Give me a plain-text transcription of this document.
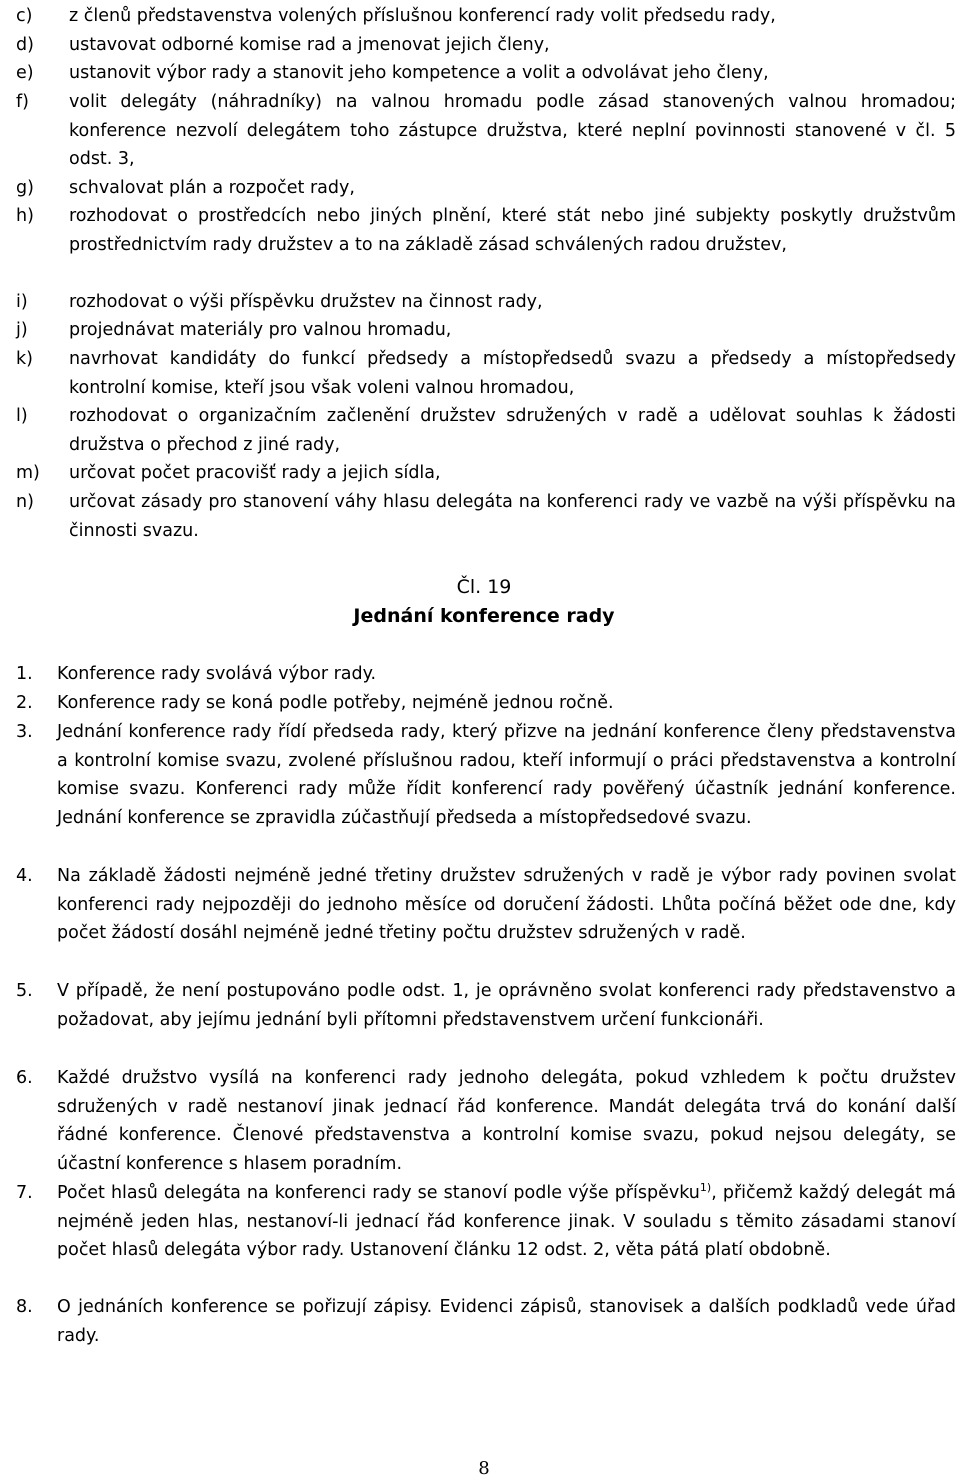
c) z členů představenstva volených příslušnou konferencí rady volit předsedu rady,
d) ustavovat odborné komise rad a jmenovat jejich členy,
e) ustanovit výbor rady a stanovit jeho kompetence a volit a odvolávat jeho členy,
f) volit delegáty (náhradníky) na valnou hromadu podle zásad stanovených valnou hromadou; konference nezvolí delegátem toho zástupce družstva, které neplní povinnosti stanovené v čl. 5 odst. 3,
g) schvalovat plán a rozpočet rady,
h) rozhodovat o prostředcích nebo jiných plnění, které stát nebo jiné subjekty poskytly družstvům prostřednictvím rady družstev a to na základě zásad schválených radou družstev,
i) rozhodovat o výši příspěvku družstev na činnost rady,
j) projednávat materiály pro valnou hromadu,
k) navrhovat kandidáty do funkcí předsedy a místopředsedů svazu a předsedy a místopředsedy kontrolní komise, kteří jsou však voleni valnou hromadou,
l) rozhodovat o organizačním začlenění družstev sdružených v radě a udělovat souhlas k žádosti družstva o přechod z jiné rady,
m) určovat počet pracovišť rady a jejich sídla,
n) určovat zásady pro stanovení váhy hlasu delegáta na konferenci rady ve vazbě na výši příspěvku na činnosti svazu.
Čl. 19
Jednání konference rady
1. Konference rady svolává výbor rady.
2. Konference rady se koná podle potřeby, nejméně jednou ročně.
3. Jednání konference rady řídí předseda rady, který přizve na jednání konference členy představenstva a kontrolní komise svazu, zvolené příslušnou radou, kteří informují o práci představenstva a kontrolní komise svazu. Konferenci rady může řídit konferencí rady pověřený účastník jednání konference. Jednání konference se zpravidla zúčastňují předseda a místopředsedové svazu.
4. Na základě žádosti nejméně jedné třetiny družstev sdružených v radě je výbor rady povinen svolat konferenci rady nejpozději do jednoho měsíce od doručení žádosti. Lhůta počíná běžet ode dne, kdy počet žádostí dosáhl nejméně jedné třetiny počtu družstev sdružených v radě.
5. V případě, že není postupováno podle odst. 1, je oprávněno svolat konferenci rady představenstvo a požadovat, aby jejímu jednání byli přítomni představenstvem určení funkcionáři.
6. Každé družstvo vysílá na konferenci rady jednoho delegáta, pokud vzhledem k počtu družstev sdružených v radě nestanoví jinak jednací řád konference. Mandát delegáta trvá do konání další řádné konference. Členové představenstva a kontrolní komise svazu, pokud nejsou delegáty, se účastní konference s hlasem poradním.
7. Počet hlasů delegáta na konferenci rady se stanoví podle výše příspěvku$^{1)}$, přičemž každý delegát má nejméně jeden hlas, nestanoví-li jednací řád konference jinak. V souladu s těmito zásadami stanoví počet hlasů delegáta výbor rady. Ustanovení článku 12 odst. 2, věta pátá platí obdobně.
8. O jednáních konference se pořizují zápisy. Evidenci zápisů, stanovisek a dalších podkladů vede úřad rady.
8
